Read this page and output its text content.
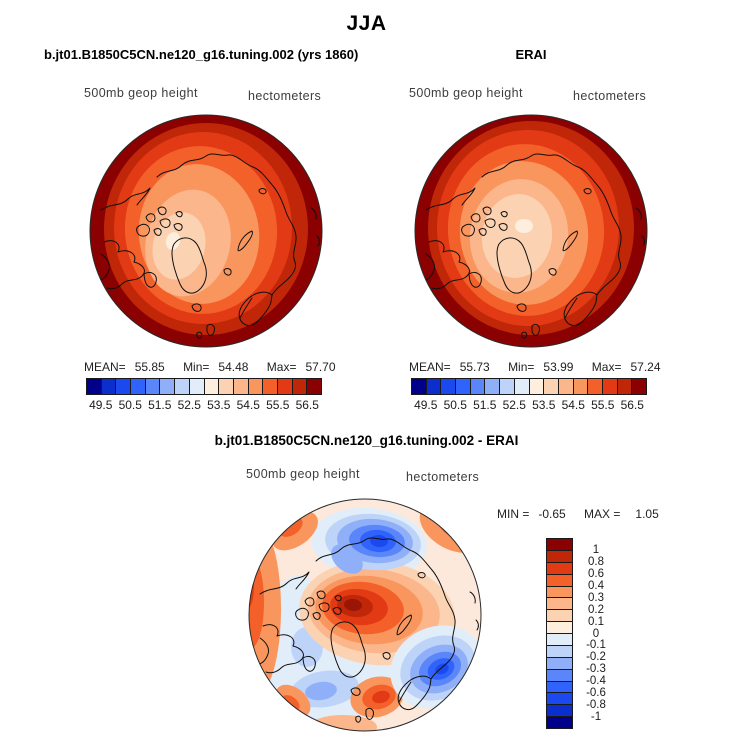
JJA
b.jt01.B1850C5CN.ne120_g16.tuning.002 (yrs 1860)	ERAI
500mb geop height	hectometers	500mb geop height	hectometers
MEAN= 55.85 Min= 54.48 Max= 57.70	MEAN= 55.73 Min= 53.99 Max= 57.24
49.5 50.5 51.5 52.5 53.5 54.5 55.5 56.5	49.5 50.5 51.5 52.5 53.5 54.5 55.5 56.5
b.jt01.B1850C5CN.ne120_g16.tuning.002 - ERAI
500mb geop height	hectometers
MIN = -0.65 MAX = 1.05
1
0.8
0.6
0.4
0.3
0.2
0.1
0
-0.1
-0.2
-0.3
-0.4
-0.6
-0.8
-1
